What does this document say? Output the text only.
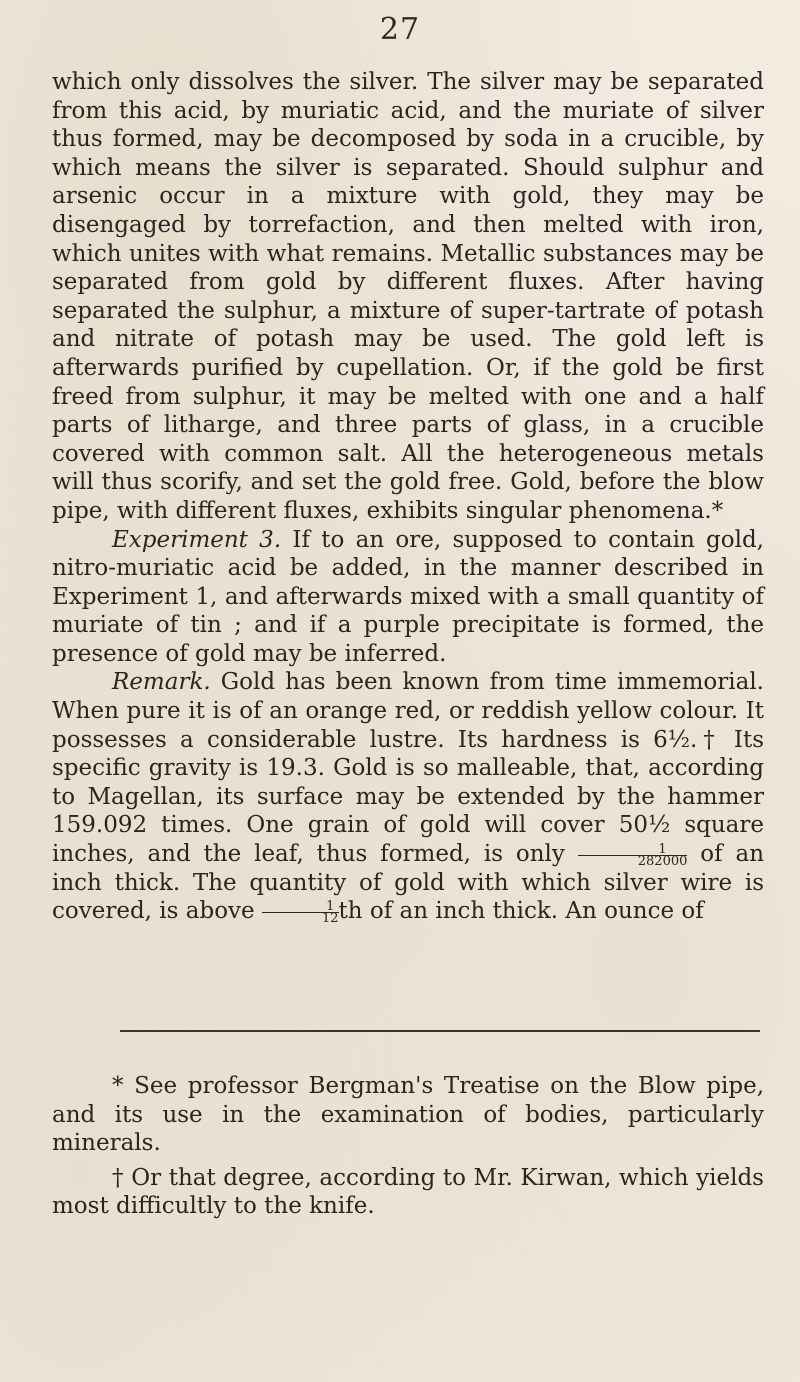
27

which only dissolves the silver. The silver may be separated from this acid, by muriatic acid, and the muriate of silver thus formed, may be decomposed by soda in a crucible, by which means the silver is separated. Should sulphur and arsenic occur in a mixture with gold, they may be disengaged by torrefaction, and then melted with iron, which unites with what remains. Metallic substances may be separated from gold by different fluxes. After having separated the sulphur, a mixture of super-tartrate of potash and nitrate of potash may be used. The gold left is afterwards purified by cupellation. Or, if the gold be first freed from sulphur, it may be melted with one and a half parts of litharge, and three parts of glass, in a crucible covered with common salt. All the heterogeneous metals will thus scorify, and set the gold free. Gold, before the blow pipe, with different fluxes, exhibits singular phenomena.*

Experiment 3. If to an ore, supposed to contain gold, nitro-muriatic acid be added, in the manner described in Experiment 1, and afterwards mixed with a small quantity of muriate of tin ; and if a purple precipitate is formed, the presence of gold may be inferred.

Remark. Gold has been known from time immemorial. When pure it is of an orange red, or reddish yellow colour. It possesses a considerable lustre. Its hardness is 6½.† Its specific gravity is 19.3. Gold is so malleable, that, according to Magellan, its surface may be extended by the hammer 159.092 times. One grain of gold will cover 50½ square inches, and the leaf, thus formed, is only $\frac{1}{282000}$ of an inch thick. The quantity of gold with which silver wire is covered, is above $\frac{1}{12}$ th of an inch thick. An ounce of

* See professor Bergman's Treatise on the Blow pipe, and its use in the examination of bodies, particularly minerals.

† Or that degree, according to Mr. Kirwan, which yields most difficultly to the knife.
